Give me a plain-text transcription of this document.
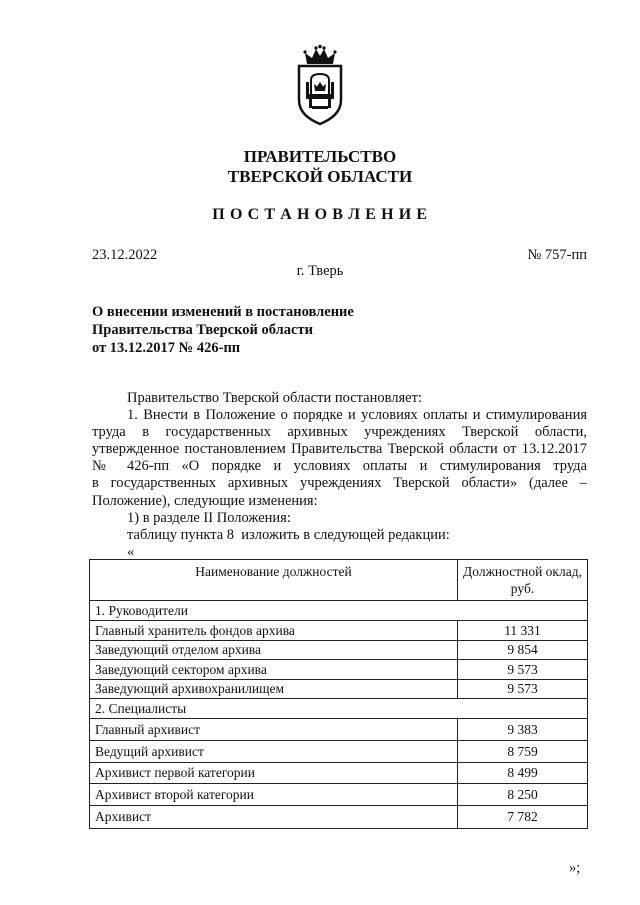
ПРАВИТЕЛЬСТВО
ТВЕРСКОЙ ОБЛАСТИ
П О С Т А Н О В Л Е Н И Е
23.12.2022	№ 757-пп
г. Тверь
О внесении изменений в постановление
Правительства Тверской области
от 13.12.2017 № 426-пп
Правительство Тверской области постановляет:
1. Внести в Положение о порядке и условиях оплаты и стимулирования
труда в государственных архивных учреждениях Тверской области,
утвержденное постановлением Правительства Тверской области от 13.12.2017
№ 426-пп «О порядке и условиях оплаты и стимулирования труда
в государственных архивных учреждениях Тверской области» (далее –
Положение), следующие изменения:
1) в разделе II Положения:
таблицу пункта 8  изложить в следующей редакции:
«
Наименование должностей	Должностной оклад,
руб.
1. Руководители	
Главный хранитель фондов архива	11 331
Заведующий отделом архива	9 854
Заведующий сектором архива	9 573
Заведующий архивохранилищем	9 573
2. Специалисты	
Главный архивист	9 383
Ведущий архивист	8 759
Архивист первой категории	8 499
Архивист второй категории	8 250
Архивист	7 782
»;
